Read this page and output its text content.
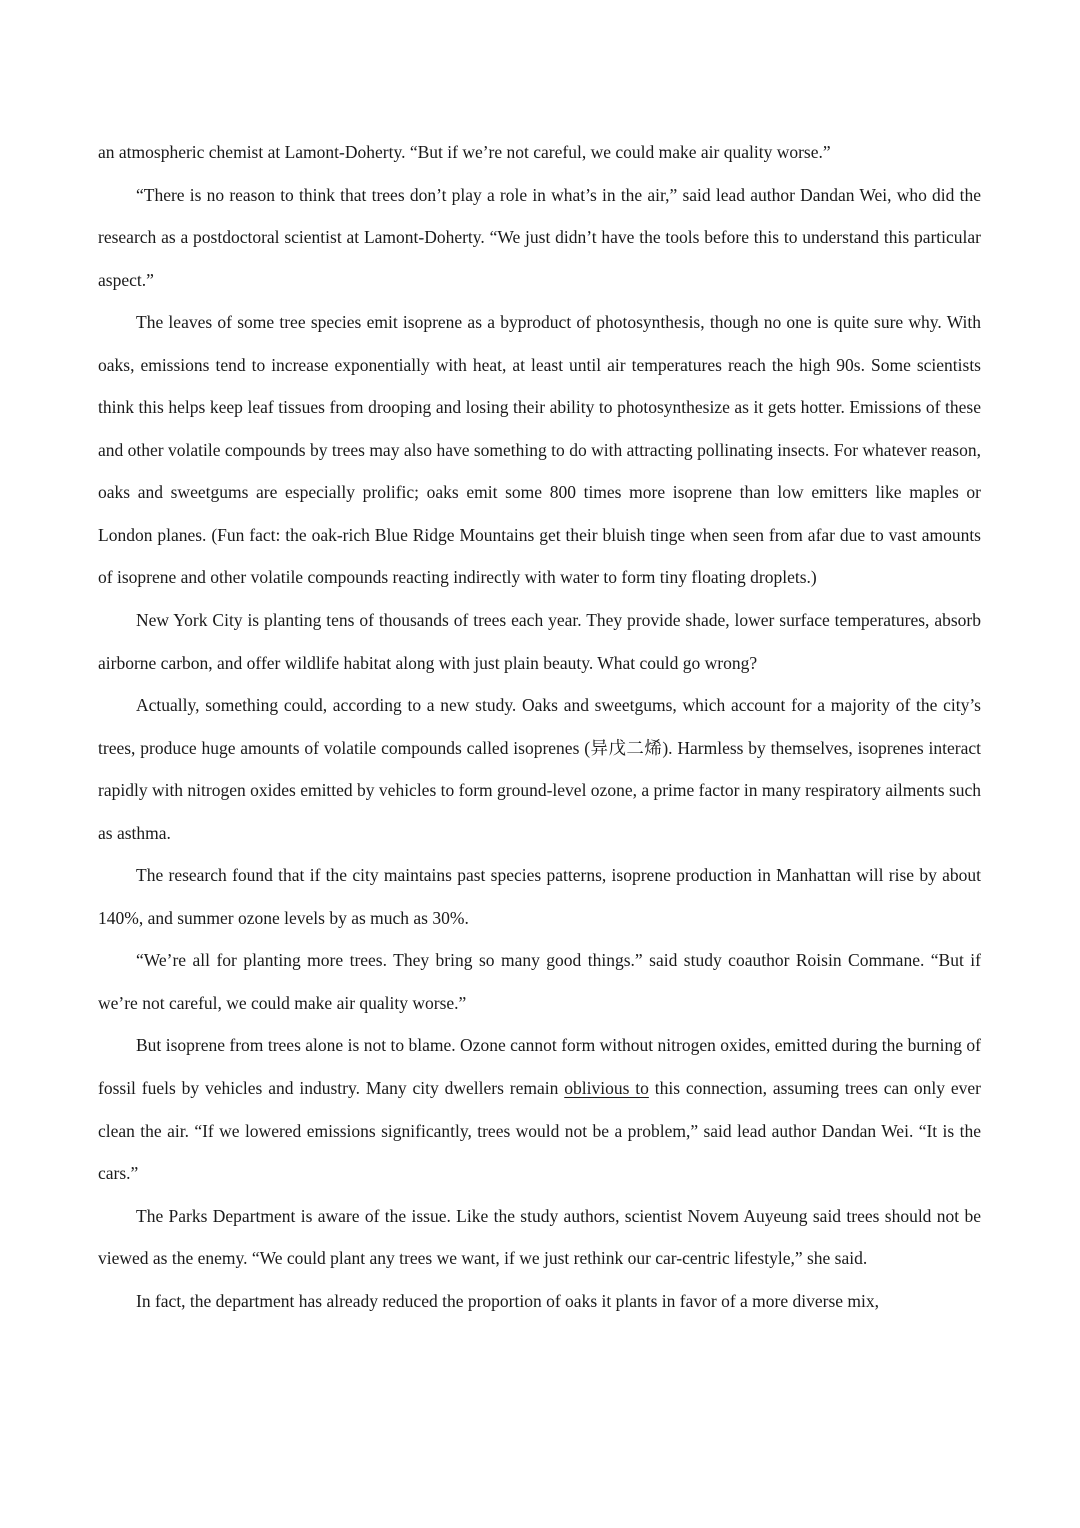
an atmospheric chemist at Lamont-Doherty. “But if we’re not careful, we could make air quality worse.”

“There is no reason to think that trees don’t play a role in what’s in the air,” said lead author Dandan Wei, who did the research as a postdoctoral scientist at Lamont-Doherty. “We just didn’t have the tools before this to understand this particular aspect.”

The leaves of some tree species emit isoprene as a byproduct of photosynthesis, though no one is quite sure why. With oaks, emissions tend to increase exponentially with heat, at least until air temperatures reach the high 90s. Some scientists think this helps keep leaf tissues from drooping and losing their ability to photosynthesize as it gets hotter. Emissions of these and other volatile compounds by trees may also have something to do with attracting pollinating insects. For whatever reason, oaks and sweetgums are especially prolific; oaks emit some 800 times more isoprene than low emitters like maples or London planes. (Fun fact: the oak-rich Blue Ridge Mountains get their bluish tinge when seen from afar due to vast amounts of isoprene and other volatile compounds reacting indirectly with water to form tiny floating droplets.)

New York City is planting tens of thousands of trees each year. They provide shade, lower surface temperatures, absorb airborne carbon, and offer wildlife habitat along with just plain beauty. What could go wrong?

Actually, something could, according to a new study. Oaks and sweetgums, which account for a majority of the city’s trees, produce huge amounts of volatile compounds called isoprenes (异戊二烯). Harmless by themselves, isoprenes interact rapidly with nitrogen oxides emitted by vehicles to form ground-level ozone, a prime factor in many respiratory ailments such as asthma.

The research found that if the city maintains past species patterns, isoprene production in Manhattan will rise by about 140%, and summer ozone levels by as much as 30%.

“We’re all for planting more trees. They bring so many good things.” said study coauthor Roisin Commane. “But if we’re not careful, we could make air quality worse.”

But isoprene from trees alone is not to blame. Ozone cannot form without nitrogen oxides, emitted during the burning of fossil fuels by vehicles and industry. Many city dwellers remain oblivious to this connection, assuming trees can only ever clean the air. “If we lowered emissions significantly, trees would not be a problem,” said lead author Dandan Wei. “It is the cars.”

The Parks Department is aware of the issue. Like the study authors, scientist Novem Auyeung said trees should not be viewed as the enemy. “We could plant any trees we want, if we just rethink our car-centric lifestyle,” she said.

In fact, the department has already reduced the proportion of oaks it plants in favor of a more diverse mix,
